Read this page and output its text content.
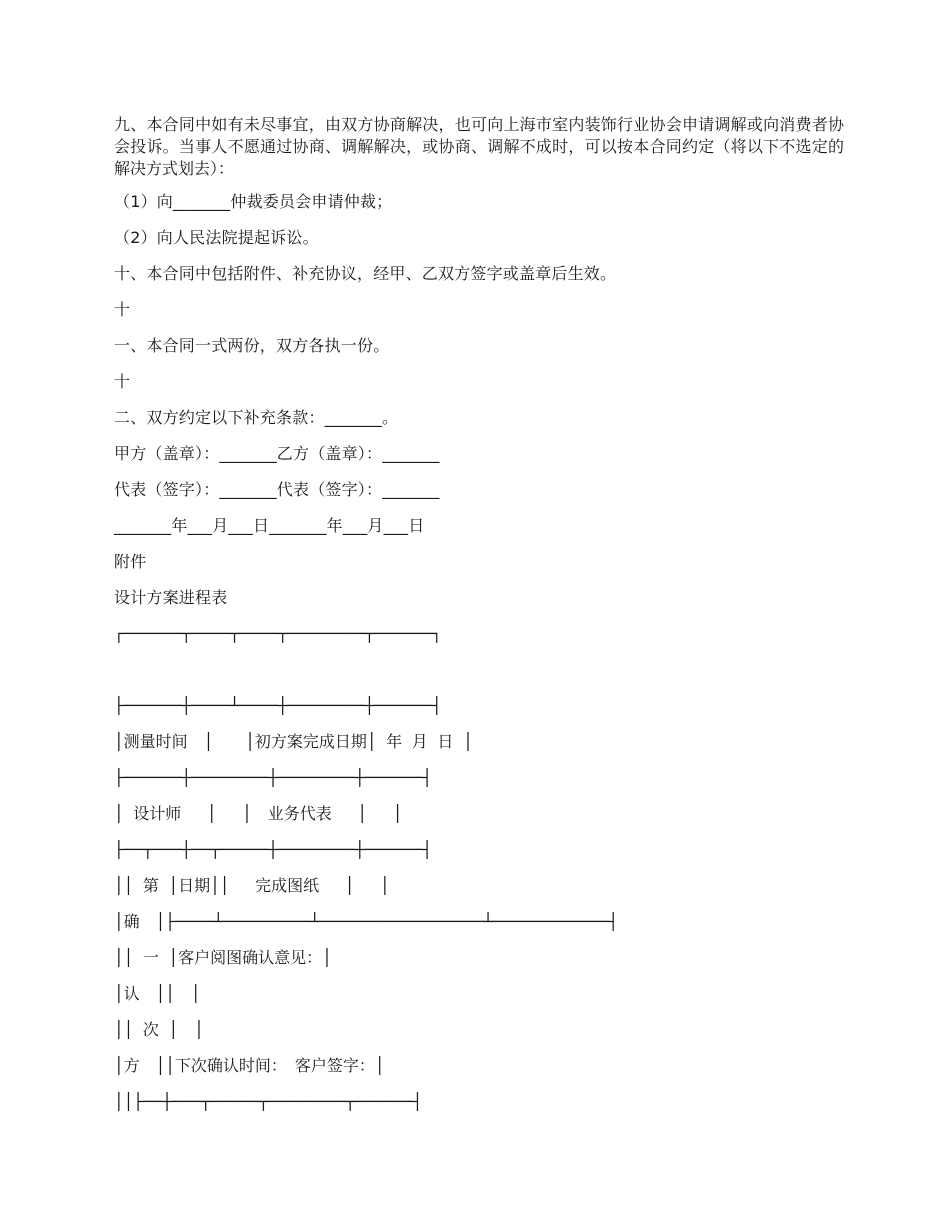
九、本合同中如有未尽事宜，由双方协商解决，也可向上海市室内装饰行业协会申请调解或向消费者协会投诉。当事人不愿通过协商、调解解决，或协商、调解不成时，可以按本合同约定（将以下不选定的解决方式划去）：

（1）向_______仲裁委员会申请仲裁；

（2）向人民法院提起诉讼。

十、本合同中包括附件、补充协议，经甲、乙双方签字或盖章后生效。

十

一、本合同一式两份，双方各执一份。

十

二、双方约定以下补充条款：_______。

甲方（盖章）：_______乙方（盖章）：_______

代表（签字）：_______代表（签字）：_______

_______年___月___日_______年___月___日

附件

设计方案进程表

┌──────┬────┬────┬────────┬──────┐

├──────┼────┴────┼────────┼──────┤

│测量时间　│　　│初方案完成日期│ 年 月 日 │

├──────┼────────┼────────┼──────┤

│ 设计师　 │　 │　业务代表　 │　 │

├──┬───┼──┬─────┼────────┼──────┤

││ 第 │日期││　 完成图纸　 │　 │

│确　│├────┴─────────┴─────────────────┴────────────┤

││ 一 │客户阅图确认意见：│

│认　││　│

││ 次 │　│

│方　││下次确认时间：　客户签字：│

││├──┼───┬─────┬────────┬──────┤
